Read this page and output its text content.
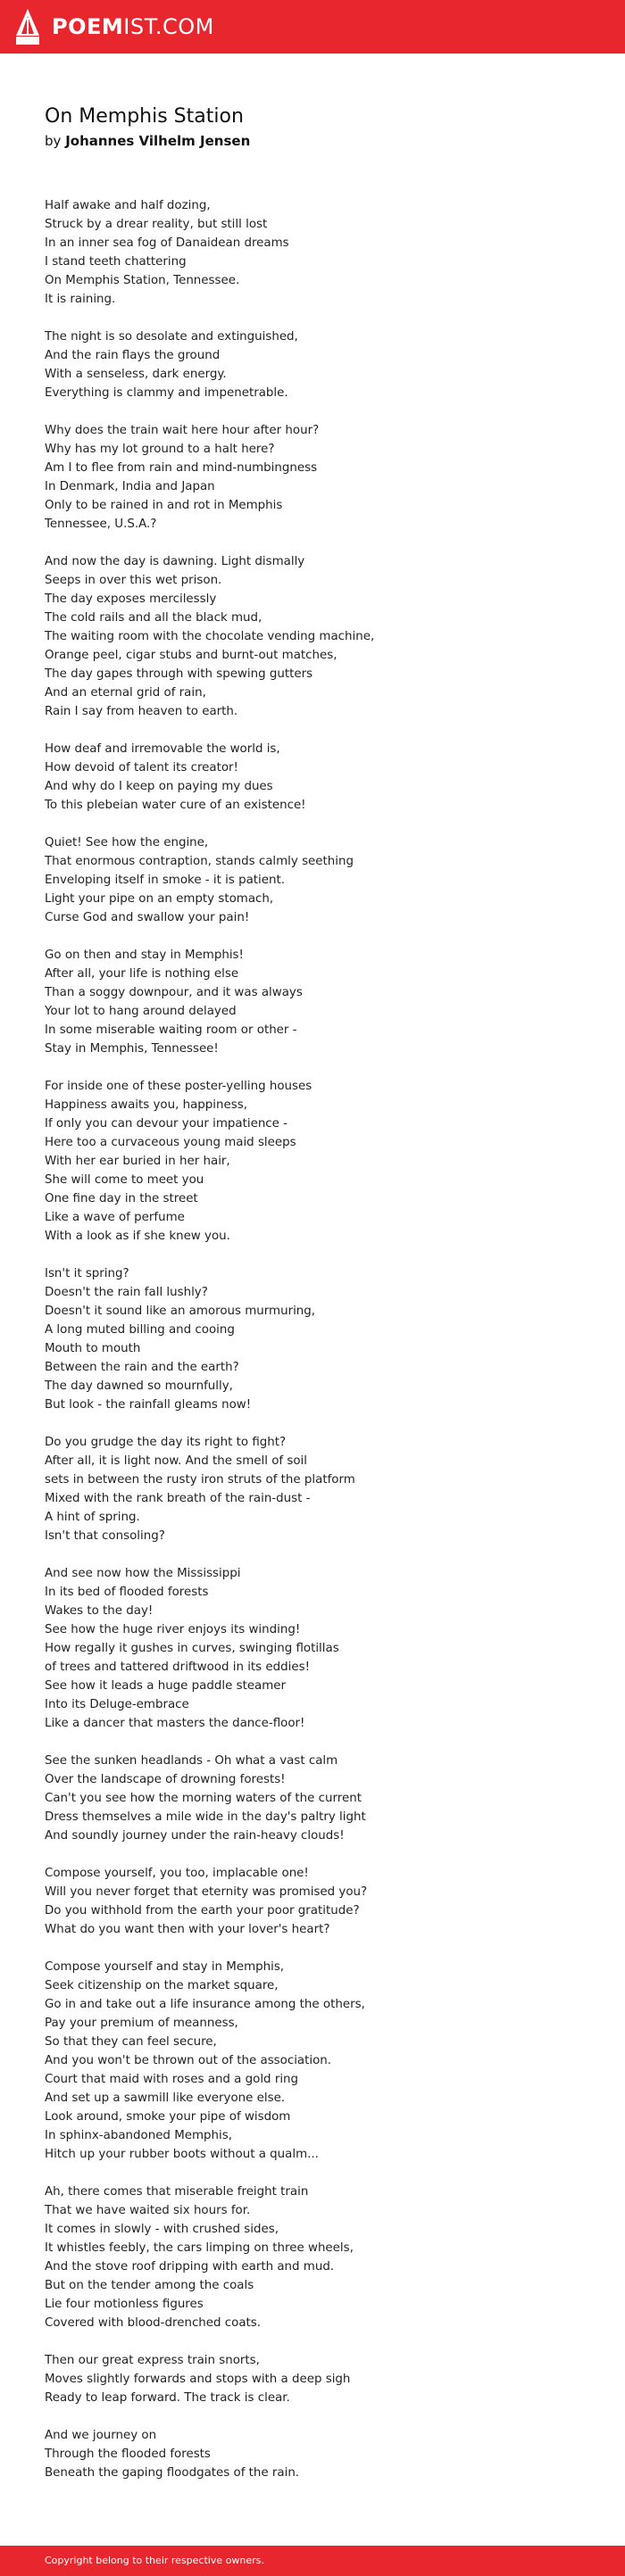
POEMIST.COM
On Memphis Station
by Johannes Vilhelm Jensen
Half awake and half dozing,
Struck by a drear reality, but still lost
In an inner sea fog of Danaidean dreams
I stand teeth chattering
On Memphis Station, Tennessee.
It is raining.
The night is so desolate and extinguished,
And the rain flays the ground
With a senseless, dark energy.
Everything is clammy and impenetrable.
Why does the train wait here hour after hour?
Why has my lot ground to a halt here?
Am I to flee from rain and mind-numbingness
In Denmark, India and Japan
Only to be rained in and rot in Memphis
Tennessee, U.S.A.?
And now the day is dawning. Light dismally
Seeps in over this wet prison.
The day exposes mercilessly
The cold rails and all the black mud,
The waiting room with the chocolate vending machine,
Orange peel, cigar stubs and burnt-out matches,
The day gapes through with spewing gutters
And an eternal grid of rain,
Rain I say from heaven to earth.
How deaf and irremovable the world is,
How devoid of talent its creator!
And why do I keep on paying my dues
To this plebeian water cure of an existence!
Quiet! See how the engine,
That enormous contraption, stands calmly seething
Enveloping itself in smoke - it is patient.
Light your pipe on an empty stomach,
Curse God and swallow your pain!
Go on then and stay in Memphis!
After all, your life is nothing else
Than a soggy downpour, and it was always
Your lot to hang around delayed
In some miserable waiting room or other -
Stay in Memphis, Tennessee!
For inside one of these poster-yelling houses
Happiness awaits you, happiness,
If only you can devour your impatience -
Here too a curvaceous young maid sleeps
With her ear buried in her hair,
She will come to meet you
One fine day in the street
Like a wave of perfume
With a look as if she knew you.
Isn't it spring?
Doesn't the rain fall lushly?
Doesn't it sound like an amorous murmuring,
A long muted billing and cooing
Mouth to mouth
Between the rain and the earth?
The day dawned so mournfully,
But look - the rainfall gleams now!
Do you grudge the day its right to fight?
After all, it is light now. And the smell of soil
sets in between the rusty iron struts of the platform
Mixed with the rank breath of the rain-dust -
A hint of spring.
Isn't that consoling?
And see now how the Mississippi
In its bed of flooded forests
Wakes to the day!
See how the huge river enjoys its winding!
How regally it gushes in curves, swinging flotillas
of trees and tattered driftwood in its eddies!
See how it leads a huge paddle steamer
Into its Deluge-embrace
Like a dancer that masters the dance-floor!
See the sunken headlands - Oh what a vast calm
Over the landscape of drowning forests!
Can't you see how the morning waters of the current
Dress themselves a mile wide in the day's paltry light
And soundly journey under the rain-heavy clouds!
Compose yourself, you too, implacable one!
Will you never forget that eternity was promised you?
Do you withhold from the earth your poor gratitude?
What do you want then with your lover's heart?
Compose yourself and stay in Memphis,
Seek citizenship on the market square,
Go in and take out a life insurance among the others,
Pay your premium of meanness,
So that they can feel secure,
And you won't be thrown out of the association.
Court that maid with roses and a gold ring
And set up a sawmill like everyone else.
Look around, smoke your pipe of wisdom
In sphinx-abandoned Memphis,
Hitch up your rubber boots without a qualm...
Ah, there comes that miserable freight train
That we have waited six hours for.
It comes in slowly - with crushed sides,
It whistles feebly, the cars limping on three wheels,
And the stove roof dripping with earth and mud.
But on the tender among the coals
Lie four motionless figures
Covered with blood-drenched coats.
Then our great express train snorts,
Moves slightly forwards and stops with a deep sigh
Ready to leap forward. The track is clear.
And we journey on
Through the flooded forests
Beneath the gaping floodgates of the rain.
Copyright belong to their respective owners.
